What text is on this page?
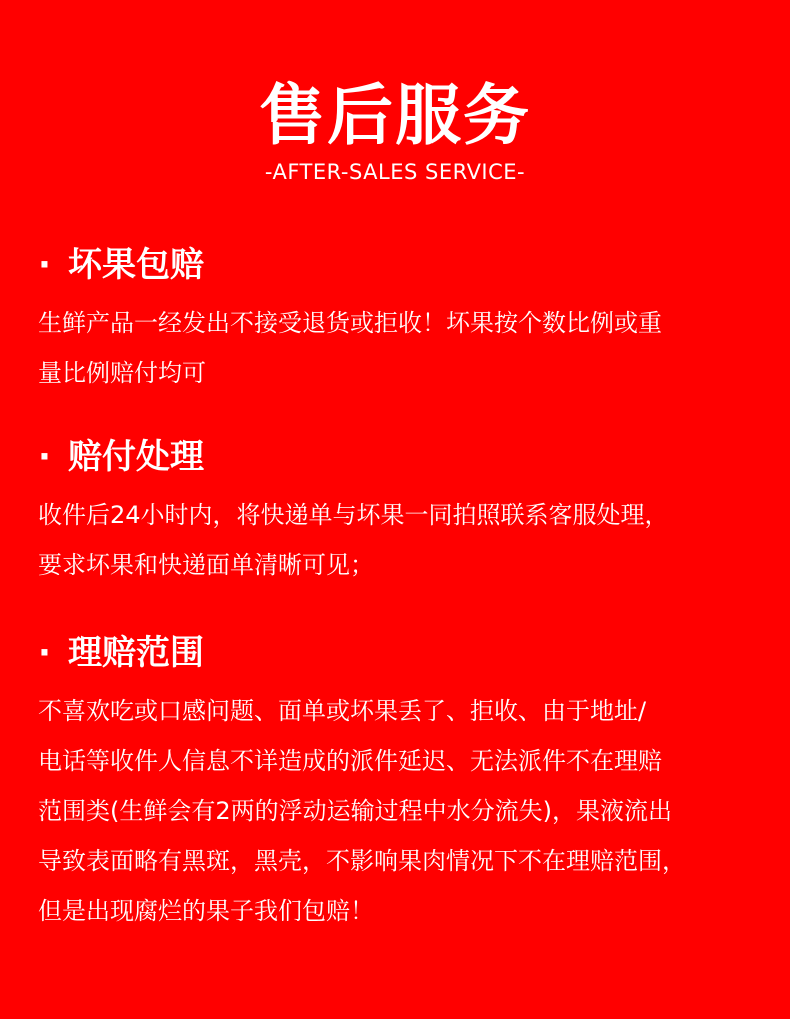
售后服务
-AFTER-SALES SERVICE-
· 坏果包赔

生鲜产品一经发出不接受退货或拒收！坏果按个数比例或重
量比例赔付均可

· 赔付处理

收件后24小时内，将快递单与坏果一同拍照联系客服处理，
要求坏果和快递面单清晰可见；

· 理赔范围

不喜欢吃或口感问题、面单或坏果丢了、拒收、由于地址/
电话等收件人信息不详造成的派件延迟、无法派件不在理赔
范围类(生鲜会有2两的浮动运输过程中水分流失)，果液流出
导致表面略有黑斑，黑壳，不影响果肉情况下不在理赔范围，
但是出现腐烂的果子我们包赔！
